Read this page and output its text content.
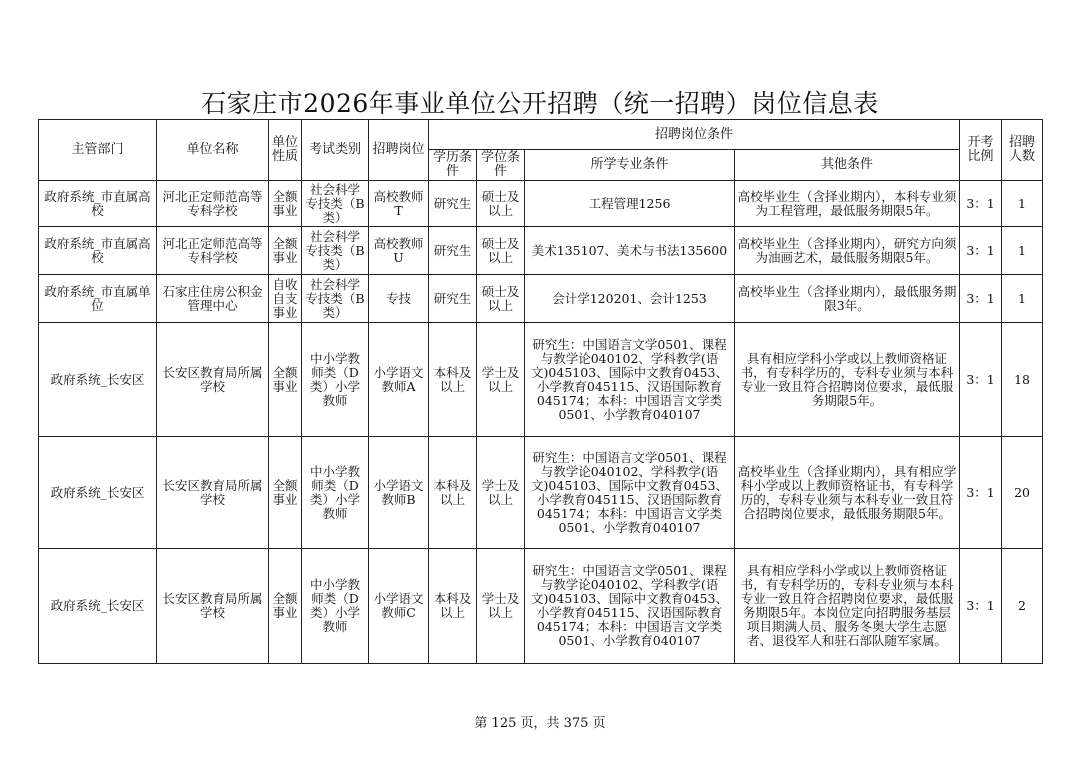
石家庄市2026年事业单位公开招聘（统一招聘）岗位信息表
主管部门	单位名称	单位性质	考试类别	招聘岗位	招聘岗位条件				开考比例	招聘人数
					学历条件	学位条件	所学专业条件	其他条件		
政府系统_市直属高校	河北正定师范高等专科学校	全额事业	社会科学专技类（B类）	高校教师T	研究生	硕士及以上	工程管理1256	高校毕业生（含择业期内），本科专业须为工程管理，最低服务期限5年。	3：1	1
政府系统_市直属高校	河北正定师范高等专科学校	全额事业	社会科学专技类（B类）	高校教师U	研究生	硕士及以上	美术135107、美术与书法135600	高校毕业生（含择业期内），研究方向须为油画艺术，最低服务期限5年。	3：1	1
政府系统_市直属单位	石家庄住房公积金管理中心	自收自支事业	社会科学专技类（B类）	专技	研究生	硕士及以上	会计学120201、会计1253	高校毕业生（含择业期内），最低服务期限3年。	3：1	1
政府系统_长安区	长安区教育局所属学校	全额事业	中小学教师类（D类）小学教师	小学语文教师A	本科及以上	学士及以上	研究生：中国语言文学0501、课程与教学论040102、学科教学(语文)045103、国际中文教育0453、小学教育045115、汉语国际教育045174；本科：中国语言文学类0501、小学教育040107	具有相应学科小学或以上教师资格证书，有专科学历的，专科专业须与本科专业一致且符合招聘岗位要求，最低服务期限5年。	3：1	18
政府系统_长安区	长安区教育局所属学校	全额事业	中小学教师类（D类）小学教师	小学语文教师B	本科及以上	学士及以上	研究生：中国语言文学0501、课程与教学论040102、学科教学(语文)045103、国际中文教育0453、小学教育045115、汉语国际教育045174；本科：中国语言文学类0501、小学教育040107	高校毕业生（含择业期内），具有相应学科小学或以上教师资格证书，有专科学历的，专科专业须与本科专业一致且符合招聘岗位要求，最低服务期限5年。	3：1	20
政府系统_长安区	长安区教育局所属学校	全额事业	中小学教师类（D类）小学教师	小学语文教师C	本科及以上	学士及以上	研究生：中国语言文学0501、课程与教学论040102、学科教学(语文)045103、国际中文教育0453、小学教育045115、汉语国际教育045174；本科：中国语言文学类0501、小学教育040107	具有相应学科小学或以上教师资格证书，有专科学历的，专科专业须与本科专业一致且符合招聘岗位要求，最低服务期限5年。本岗位定向招聘服务基层项目期满人员、服务冬奥大学生志愿者、退役军人和驻石部队随军家属。	3：1	2
第 125 页，共 375 页
